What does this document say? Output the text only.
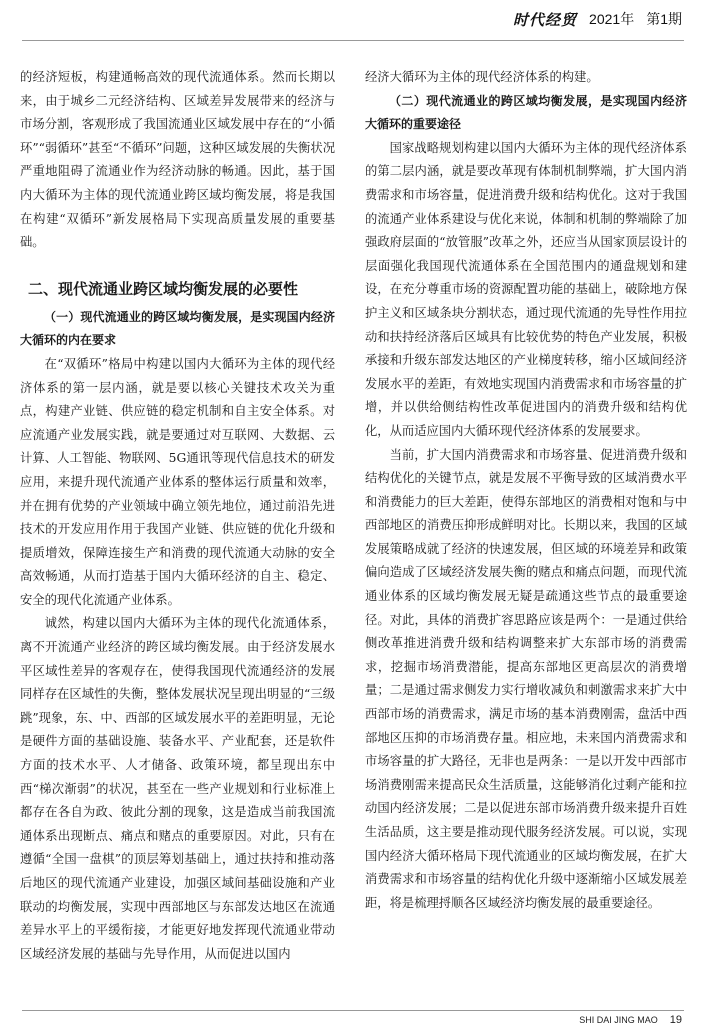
时代经贸 2021年 第1期

的经济短板，构建通畅高效的现代流通体系。然而长期以来，由于城乡二元经济结构、区域差异发展带来的经济与市场分割，客观形成了我国流通业区域发展中存在的“小循环”“弱循环”甚至“不循环”问题，这种区域发展的失衡状况严重地阻碍了流通业作为经济动脉的畅通。因此，基于国内大循环为主体的现代流通业跨区域均衡发展，将是我国在构建“双循环”新发展格局下实现高质量发展的重要基础。

二、现代流通业跨区域均衡发展的必要性

（一）现代流通业的跨区域均衡发展，是实现国内经济大循环的内在要求

在“双循环”格局中构建以国内大循环为主体的现代经济体系的第一层内涵，就是要以核心关键技术攻关为重点，构建产业链、供应链的稳定机制和自主安全体系。对应流通产业发展实践，就是要通过对互联网、大数据、云计算、人工智能、物联网、5G通讯等现代信息技术的研发应用，来提升现代流通产业体系的整体运行质量和效率，并在拥有优势的产业领域中确立领先地位，通过前沿先进技术的开发应用作用于我国产业链、供应链的优化升级和提质增效，保障连接生产和消费的现代流通大动脉的安全高效畅通，从而打造基于国内大循环经济的自主、稳定、安全的现代化流通产业体系。

诚然，构建以国内大循环为主体的现代化流通体系，离不开流通产业经济的跨区域均衡发展。由于经济发展水平区域性差异的客观存在，使得我国现代流通经济的发展同样存在区域性的失衡，整体发展状况呈现出明显的“三级跳”现象，东、中、西部的区域发展水平的差距明显，无论是硬件方面的基础设施、装备水平、产业配套，还是软件方面的技术水平、人才储备、政策环境，都呈现出东中西“梯次渐弱”的状况，甚至在一些产业规划和行业标准上都存在各自为政、彼此分割的现象，这是造成当前我国流通体系出现断点、痛点和赌点的重要原因。对此，只有在遵循“全国一盘棋”的顶层筹划基础上，通过扶持和推动落后地区的现代流通产业建设，加强区域间基础设施和产业联动的均衡发展，实现中西部地区与东部发达地区在流通差异水平上的平缓衔接，才能更好地发挥现代流通业带动区域经济发展的基础与先导作用，从而促进以国内

经济大循环为主体的现代经济体系的构建。

（二）现代流通业的跨区域均衡发展，是实现国内经济大循环的重要途径

国家战略规划构建以国内大循环为主体的现代经济体系的第二层内涵，就是要改革现有体制机制弊端，扩大国内消费需求和市场容量，促进消费升级和结构优化。这对于我国的流通产业体系建设与优化来说，体制和机制的弊端除了加强政府层面的“放管服”改革之外，还应当从国家顶层设计的层面强化我国现代流通体系在全国范围内的通盘规划和建设，在充分尊重市场的资源配置功能的基础上，破除地方保护主义和区域条块分割状态，通过现代流通的先导性作用拉动和扶持经济落后区域具有比较优势的特色产业发展，积极承接和升级东部发达地区的产业梯度转移，缩小区域间经济发展水平的差距，有效地实现国内消费需求和市场容量的扩增，并以供给侧结构性改革促进国内的消费升级和结构优化，从而适应国内大循环现代经济体系的发展要求。

当前，扩大国内消费需求和市场容量、促进消费升级和结构优化的关键节点，就是发展不平衡导致的区域消费水平和消费能力的巨大差距，使得东部地区的消费相对饱和与中西部地区的消费压抑形成鲜明对比。长期以来，我国的区域发展策略成就了经济的快速发展，但区域的环境差异和政策偏向造成了区域经济发展失衡的赌点和痛点问题，而现代流通业体系的区域均衡发展无疑是疏通这些节点的最重要途径。对此，具体的消费扩容思路应该是两个：一是通过供给侧改革推进消费升级和结构调整来扩大东部市场的消费需求，挖掘市场消费潜能，提高东部地区更高层次的消费增量；二是通过需求侧发力实行增收减负和刺激需求来扩大中西部市场的消费需求，满足市场的基本消费刚需，盘活中西部地区压抑的市场消费存量。相应地，未来国内消费需求和市场容量的扩大路径，无非也是两条：一是以开发中西部市场消费刚需来提高民众生活质量，这能够消化过剩产能和拉动国内经济发展；二是以促进东部市场消费升级来提升百姓生活品质，这主要是推动现代服务经济发展。可以说，实现国内经济大循环格局下现代流通业的区域均衡发展，在扩大消费需求和市场容量的结构优化升级中逐渐缩小区域发展差距，将是梳理捋顺各区域经济均衡发展的最重要途径。

SHI DAI JING MAO 19
